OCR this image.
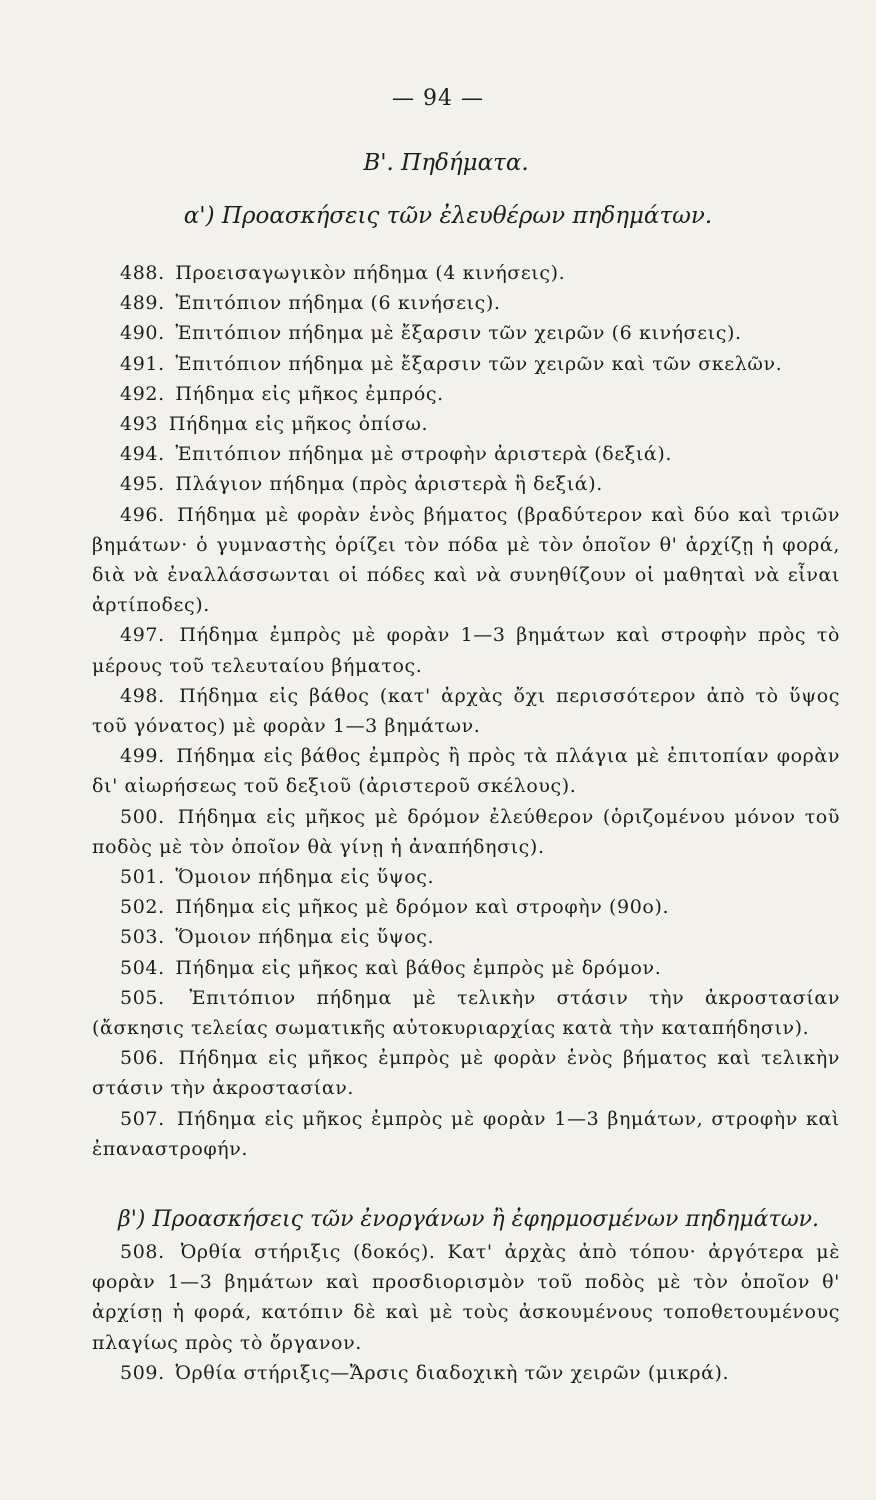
— 94 —
Β'. Πηδήματα.
α') Προασκήσεις τῶν ἐλευθέρων πηδημάτων.
488. Προεισαγωγικὸν πήδημα (4 κινήσεις).
489. Ἐπιτόπιον πήδημα (6 κινήσεις).
490. Ἐπιτόπιον πήδημα μὲ ἔξαρσιν τῶν χειρῶν (6 κινήσεις).
491. Ἐπιτόπιον πήδημα μὲ ἔξαρσιν τῶν χειρῶν καὶ τῶν σκελῶν.
492. Πήδημα εἰς μῆκος ἐμπρός.
493 Πήδημα εἰς μῆκος ὀπίσω.
494. Ἐπιτόπιον πήδημα μὲ στροφὴν ἀριστερὰ (δεξιά).
495. Πλάγιον πήδημα (πρὸς ἀριστερὰ ἢ δεξιά).
496. Πήδημα μὲ φορὰν ἑνὸς βήματος (βραδύτερον καὶ δύο καὶ τριῶν βημάτων· ὁ γυμναστὴς ὁρίζει τὸν πόδα μὲ τὸν ὁποῖον θ' ἀρχίζῃ ἡ φορά, διὰ νὰ ἐναλλάσσωνται οἱ πόδες καὶ νὰ συνηθίζουν οἱ μαθηταὶ νὰ εἶναι ἀρτίποδες).
497. Πήδημα ἐμπρὸς μὲ φορὰν 1—3 βημάτων καὶ στροφὴν πρὸς τὸ μέρους τοῦ τελευταίου βήματος.
498. Πήδημα εἰς βάθος (κατ' ἀρχὰς ὄχι περισσότερον ἀπὸ τὸ ὕψος τοῦ γόνατος) μὲ φορὰν 1—3 βημάτων.
499. Πήδημα εἰς βάθος ἐμπρὸς ἢ πρὸς τὰ πλάγια μὲ ἐπιτοπίαν φορὰν δι' αἰωρήσεως τοῦ δεξιοῦ (ἀριστεροῦ σκέλους).
500. Πήδημα εἰς μῆκος μὲ δρόμον ἐλεύθερον (ὁριζομένου μόνον τοῦ ποδὸς μὲ τὸν ὁποῖον θὰ γίνῃ ἡ ἀναπήδησις).
501. Ὅμοιον πήδημα εἰς ὕψος.
502. Πήδημα εἰς μῆκος μὲ δρόμον καὶ στροφὴν (90ο).
503. Ὅμοιον πήδημα εἰς ὕψος.
504. Πήδημα εἰς μῆκος καὶ βάθος ἐμπρὸς μὲ δρόμον.
505. Ἐπιτόπιον πήδημα μὲ τελικὴν στάσιν τὴν ἀκροστασίαν (ἄσκησις τελείας σωματικῆς αὐτοκυριαρχίας κατὰ τὴν καταπήδησιν).
506. Πήδημα εἰς μῆκος ἐμπρὸς μὲ φορὰν ἑνὸς βήματος καὶ τελικὴν στάσιν τὴν ἀκροστασίαν.
507. Πήδημα εἰς μῆκος ἐμπρὸς μὲ φορὰν 1—3 βημάτων, στροφὴν καὶ ἐπαναστροφήν.
β') Προασκήσεις τῶν ἐνοργάνων ἢ ἐφηρμοσμένων πηδημάτων.
508. Ὀρθία στήριξις (δοκός). Κατ' ἀρχὰς ἀπὸ τόπου· ἀργότερα μὲ φορὰν 1—3 βημάτων καὶ προσδιορισμὸν τοῦ ποδὸς μὲ τὸν ὁποῖον θ' ἀρχίσῃ ἡ φορά, κατόπιν δὲ καὶ μὲ τοὺς ἀσκουμένους τοποθετουμένους πλαγίως πρὸς τὸ ὄργανον.
509. Ὀρθία στήριξις—Ἄρσις διαδοχικὴ τῶν χειρῶν (μικρά).
